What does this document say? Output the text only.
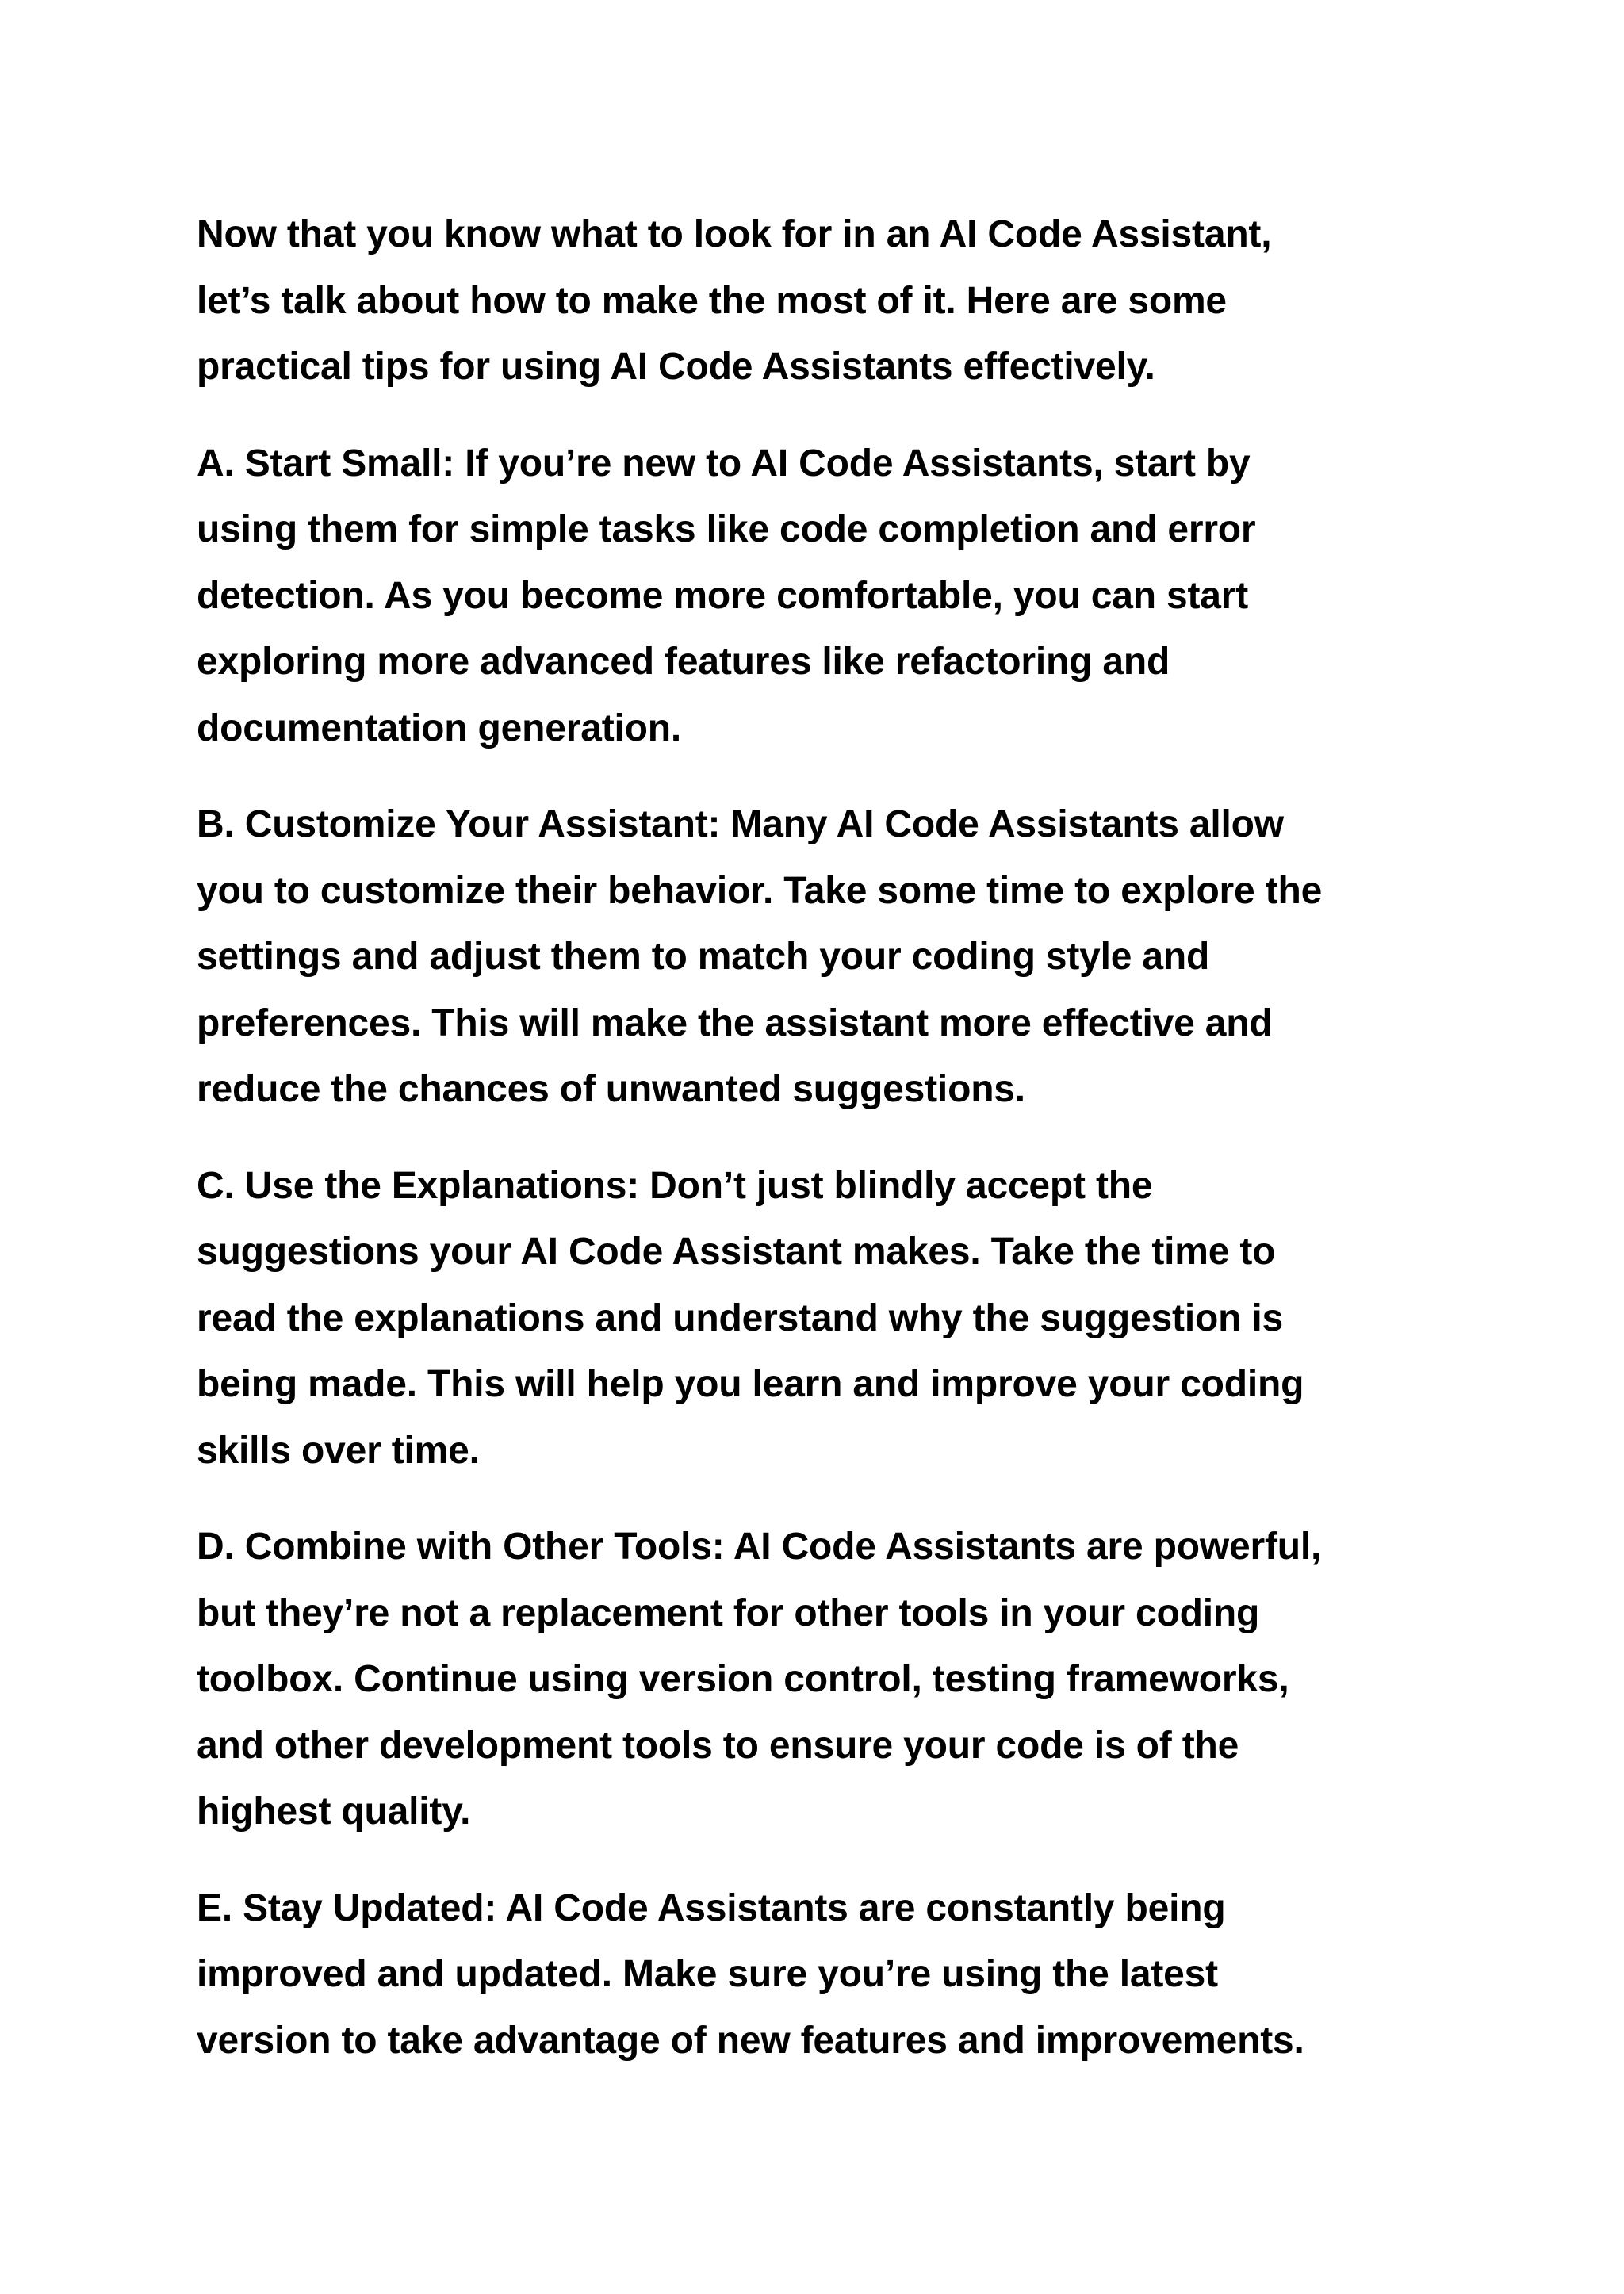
Now that you know what to look for in an AI Code Assistant,
let’s talk about how to make the most of it. Here are some
practical tips for using AI Code Assistants effectively.

A. Start Small: If you’re new to AI Code Assistants, start by
using them for simple tasks like code completion and error
detection. As you become more comfortable, you can start
exploring more advanced features like refactoring and
documentation generation.

B. Customize Your Assistant: Many AI Code Assistants allow
you to customize their behavior. Take some time to explore the
settings and adjust them to match your coding style and
preferences. This will make the assistant more effective and
reduce the chances of unwanted suggestions.

C. Use the Explanations: Don’t just blindly accept the
suggestions your AI Code Assistant makes. Take the time to
read the explanations and understand why the suggestion is
being made. This will help you learn and improve your coding
skills over time.

D. Combine with Other Tools: AI Code Assistants are powerful,
but they’re not a replacement for other tools in your coding
toolbox. Continue using version control, testing frameworks,
and other development tools to ensure your code is of the
highest quality.

E. Stay Updated: AI Code Assistants are constantly being
improved and updated. Make sure you’re using the latest
version to take advantage of new features and improvements.
